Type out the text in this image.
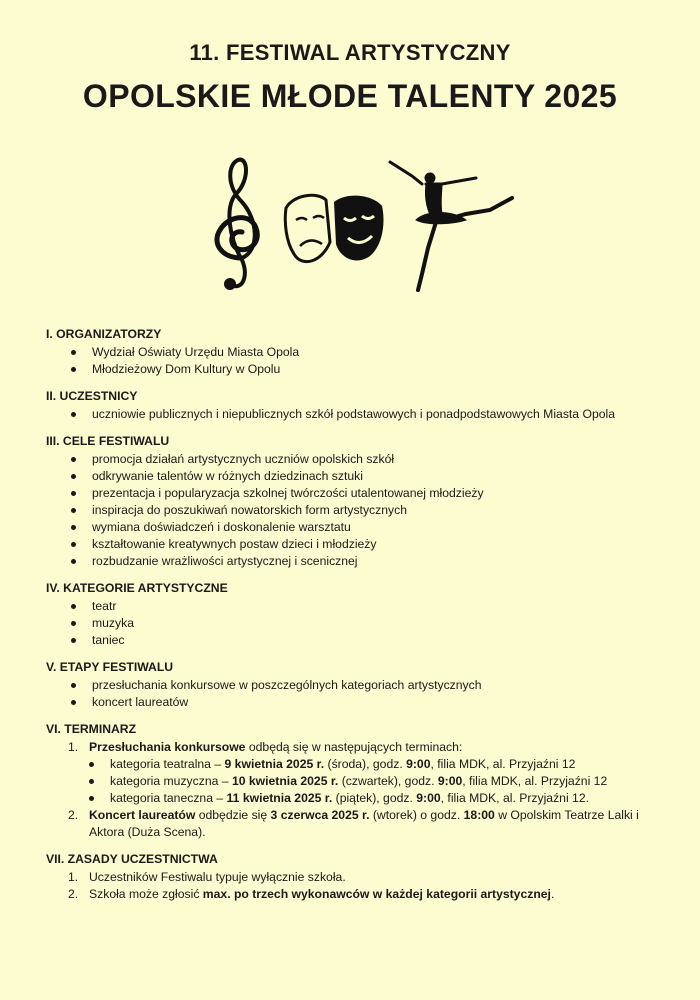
11. FESTIWAL ARTYSTYCZNY
OPOLSKIE MŁODE TALENTY 2025
I. ORGANIZATORZY
Wydział Oświaty Urzędu Miasta Opola
Młodzieżowy Dom Kultury w Opolu
II. UCZESTNICY
uczniowie publicznych i niepublicznych szkół podstawowych i ponadpodstawowych Miasta Opola
III. CELE FESTIWALU
promocja działań artystycznych uczniów opolskich szkół
odkrywanie talentów w różnych dziedzinach sztuki
prezentacja i popularyzacja szkolnej twórczości utalentowanej młodzieży
inspiracja do poszukiwań nowatorskich form artystycznych
wymiana doświadczeń i doskonalenie warsztatu
kształtowanie kreatywnych postaw dzieci i młodzieży
rozbudzanie wrażliwości artystycznej i scenicznej
IV. KATEGORIE ARTYSTYCZNE
teatr
muzyka
taniec
V. ETAPY FESTIWALU
przesłuchania konkursowe w poszczególnych kategoriach artystycznych
koncert laureatów
VI. TERMINARZ
1. Przesłuchania konkursowe odbędą się w następujących terminach:
kategoria teatralna – 9 kwietnia 2025 r. (środa), godz. 9:00, filia MDK, al. Przyjaźni 12
kategoria muzyczna – 10 kwietnia 2025 r. (czwartek), godz. 9:00, filia MDK, al. Przyjaźni 12
kategoria taneczna – 11 kwietnia 2025 r. (piątek), godz. 9:00, filia MDK, al. Przyjaźni 12.
2. Koncert laureatów odbędzie się 3 czerwca 2025 r. (wtorek) o godz. 18:00 w Opolskim Teatrze Lalki i Aktora (Duża Scena).
VII. ZASADY UCZESTNICTWA
1. Uczestników Festiwalu typuje wyłącznie szkoła.
2. Szkoła może zgłosić max. po trzech wykonawców w każdej kategorii artystycznej.
